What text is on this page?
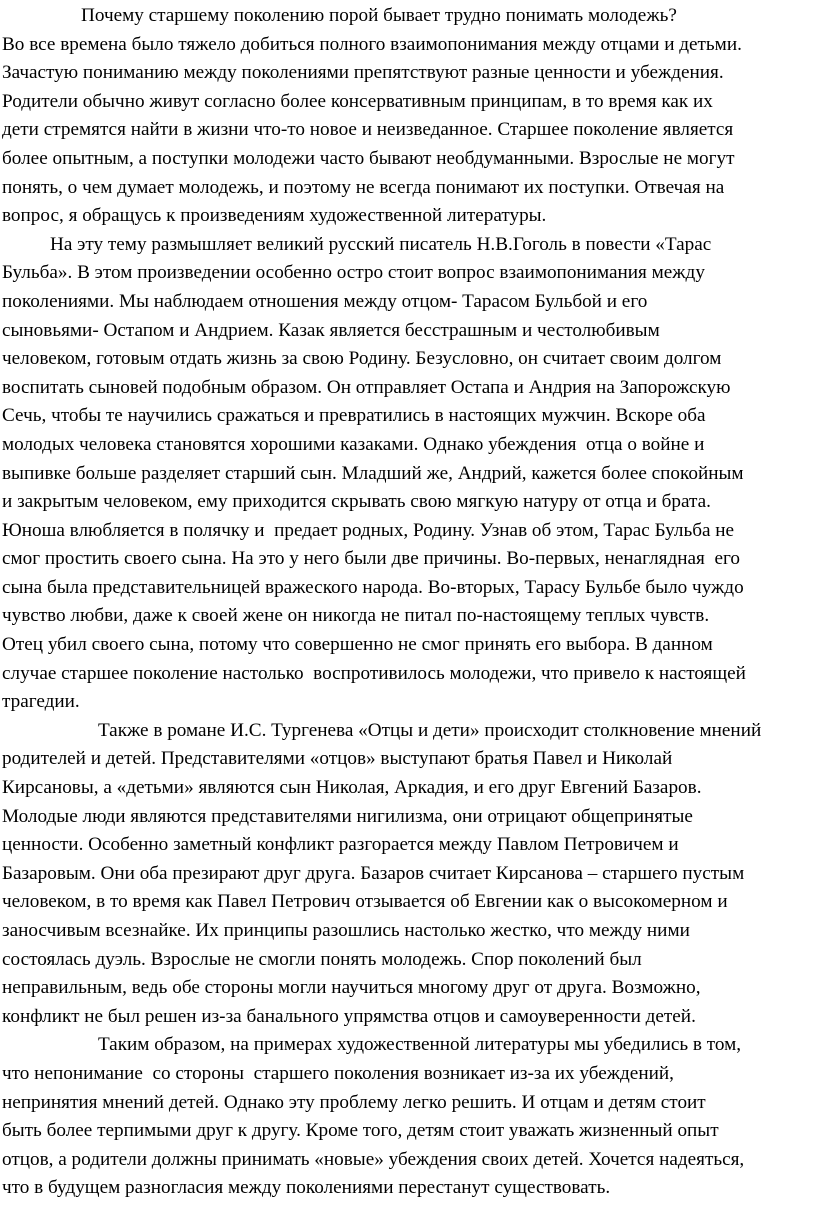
Почему старшему поколению порой бывает трудно понимать молодежь?
Во все времена было тяжело добиться полного взаимопонимания между отцами и детьми.
Зачастую пониманию между поколениями препятствуют разные ценности и убеждения.
Родители обычно живут согласно более консервативным принципам, в то время как их
дети стремятся найти в жизни что-то новое и неизведанное. Старшее поколение является
более опытным, а поступки молодежи часто бывают необдуманными. Взрослые не могут
понять, о чем думает молодежь, и поэтому не всегда понимают их поступки. Отвечая на
вопрос, я обращусь к произведениям художественной литературы.
На эту тему размышляет великий русский писатель Н.В.Гоголь в повести «Тарас
Бульба». В этом произведении особенно остро стоит вопрос взаимопонимания между
поколениями. Мы наблюдаем отношения между отцом- Тарасом Бульбой и его
сыновьями- Остапом и Андрием. Казак является бесстрашным и честолюбивым
человеком, готовым отдать жизнь за свою Родину. Безусловно, он считает своим долгом
воспитать сыновей подобным образом. Он отправляет Остапа и Андрия на Запорожскую
Сечь, чтобы те научились сражаться и превратились в настоящих мужчин. Вскоре оба
молодых человека становятся хорошими казаками. Однако убеждения  отца о войне и
выпивке больше разделяет старший сын. Младший же, Андрий, кажется более спокойным
и закрытым человеком, ему приходится скрывать свою мягкую натуру от отца и брата.
Юноша влюбляется в полячку и  предает родных, Родину. Узнав об этом, Тарас Бульба не
смог простить своего сына. На это у него были две причины. Во-первых, ненаглядная  его
сына была представительницей вражеского народа. Во-вторых, Тарасу Бульбе было чуждо
чувство любви, даже к своей жене он никогда не питал по-настоящему теплых чувств.
Отец убил своего сына, потому что совершенно не смог принять его выбора. В данном
случае старшее поколение настолько  воспротивилось молодежи, что привело к настоящей
трагедии.
Также в романе И.С. Тургенева «Отцы и дети» происходит столкновение мнений
родителей и детей. Представителями «отцов» выступают братья Павел и Николай
Кирсановы, а «детьми» являются сын Николая, Аркадия, и его друг Евгений Базаров.
Молодые люди являются представителями нигилизма, они отрицают общепринятые
ценности. Особенно заметный конфликт разгорается между Павлом Петровичем и
Базаровым. Они оба презирают друг друга. Базаров считает Кирсанова – старшего пустым
человеком, в то время как Павел Петрович отзывается об Евгении как о высокомерном и
заносчивым всезнайке. Их принципы разошлись настолько жестко, что между ними
состоялась дуэль. Взрослые не смогли понять молодежь. Спор поколений был
неправильным, ведь обе стороны могли научиться многому друг от друга. Возможно,
конфликт не был решен из-за банального упрямства отцов и самоуверенности детей.
Таким образом, на примерах художественной литературы мы убедились в том,
что непонимание  со стороны  старшего поколения возникает из-за их убеждений,
непринятия мнений детей. Однако эту проблему легко решить. И отцам и детям стоит
быть более терпимыми друг к другу. Кроме того, детям стоит уважать жизненный опыт
отцов, а родители должны принимать «новые» убеждения своих детей. Хочется надеяться,
что в будущем разногласия между поколениями перестанут существовать.
